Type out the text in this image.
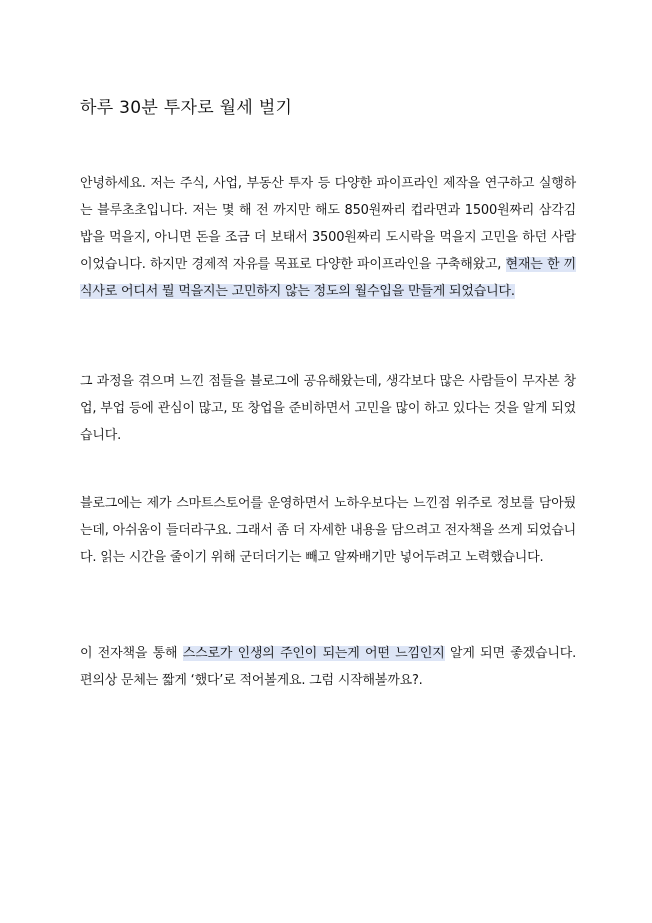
하루 30분 투자로 월세 벌기

안녕하세요. 저는 주식, 사업, 부동산 투자 등 다양한 파이프라인 제작을 연구하고 실행하는 블루초초입니다. 저는 몇 해 전 까지만 해도 850원짜리 컵라면과 1500원짜리 삼각김밥을 먹을지, 아니면 돈을 조금 더 보태서 3500원짜리 도시락을 먹을지 고민을 하던 사람이었습니다. 하지만 경제적 자유를 목표로 다양한 파이프라인을 구축해왔고, 현재는 한 끼 식사로 어디서 뭘 먹을지는 고민하지 않는 정도의 월수입을 만들게 되었습니다.

그 과정을 겪으며 느낀 점들을 블로그에 공유해왔는데, 생각보다 많은 사람들이 무자본 창업, 부업 등에 관심이 많고, 또 창업을 준비하면서 고민을 많이 하고 있다는 것을 알게 되었습니다.

블로그에는 제가 스마트스토어를 운영하면서 노하우보다는 느낀점 위주로 정보를 담아뒀는데, 아쉬움이 들더라구요. 그래서 좀 더 자세한 내용을 담으려고 전자책을 쓰게 되었습니다. 읽는 시간을 줄이기 위해 군더더기는 빼고 알짜배기만 넣어두려고 노력했습니다.

이 전자책을 통해 스스로가 인생의 주인이 되는게 어떤 느낌인지 알게 되면 좋겠습니다. 편의상 문체는 짧게 ‘했다’로 적어볼게요. 그럼 시작해볼까요?.
